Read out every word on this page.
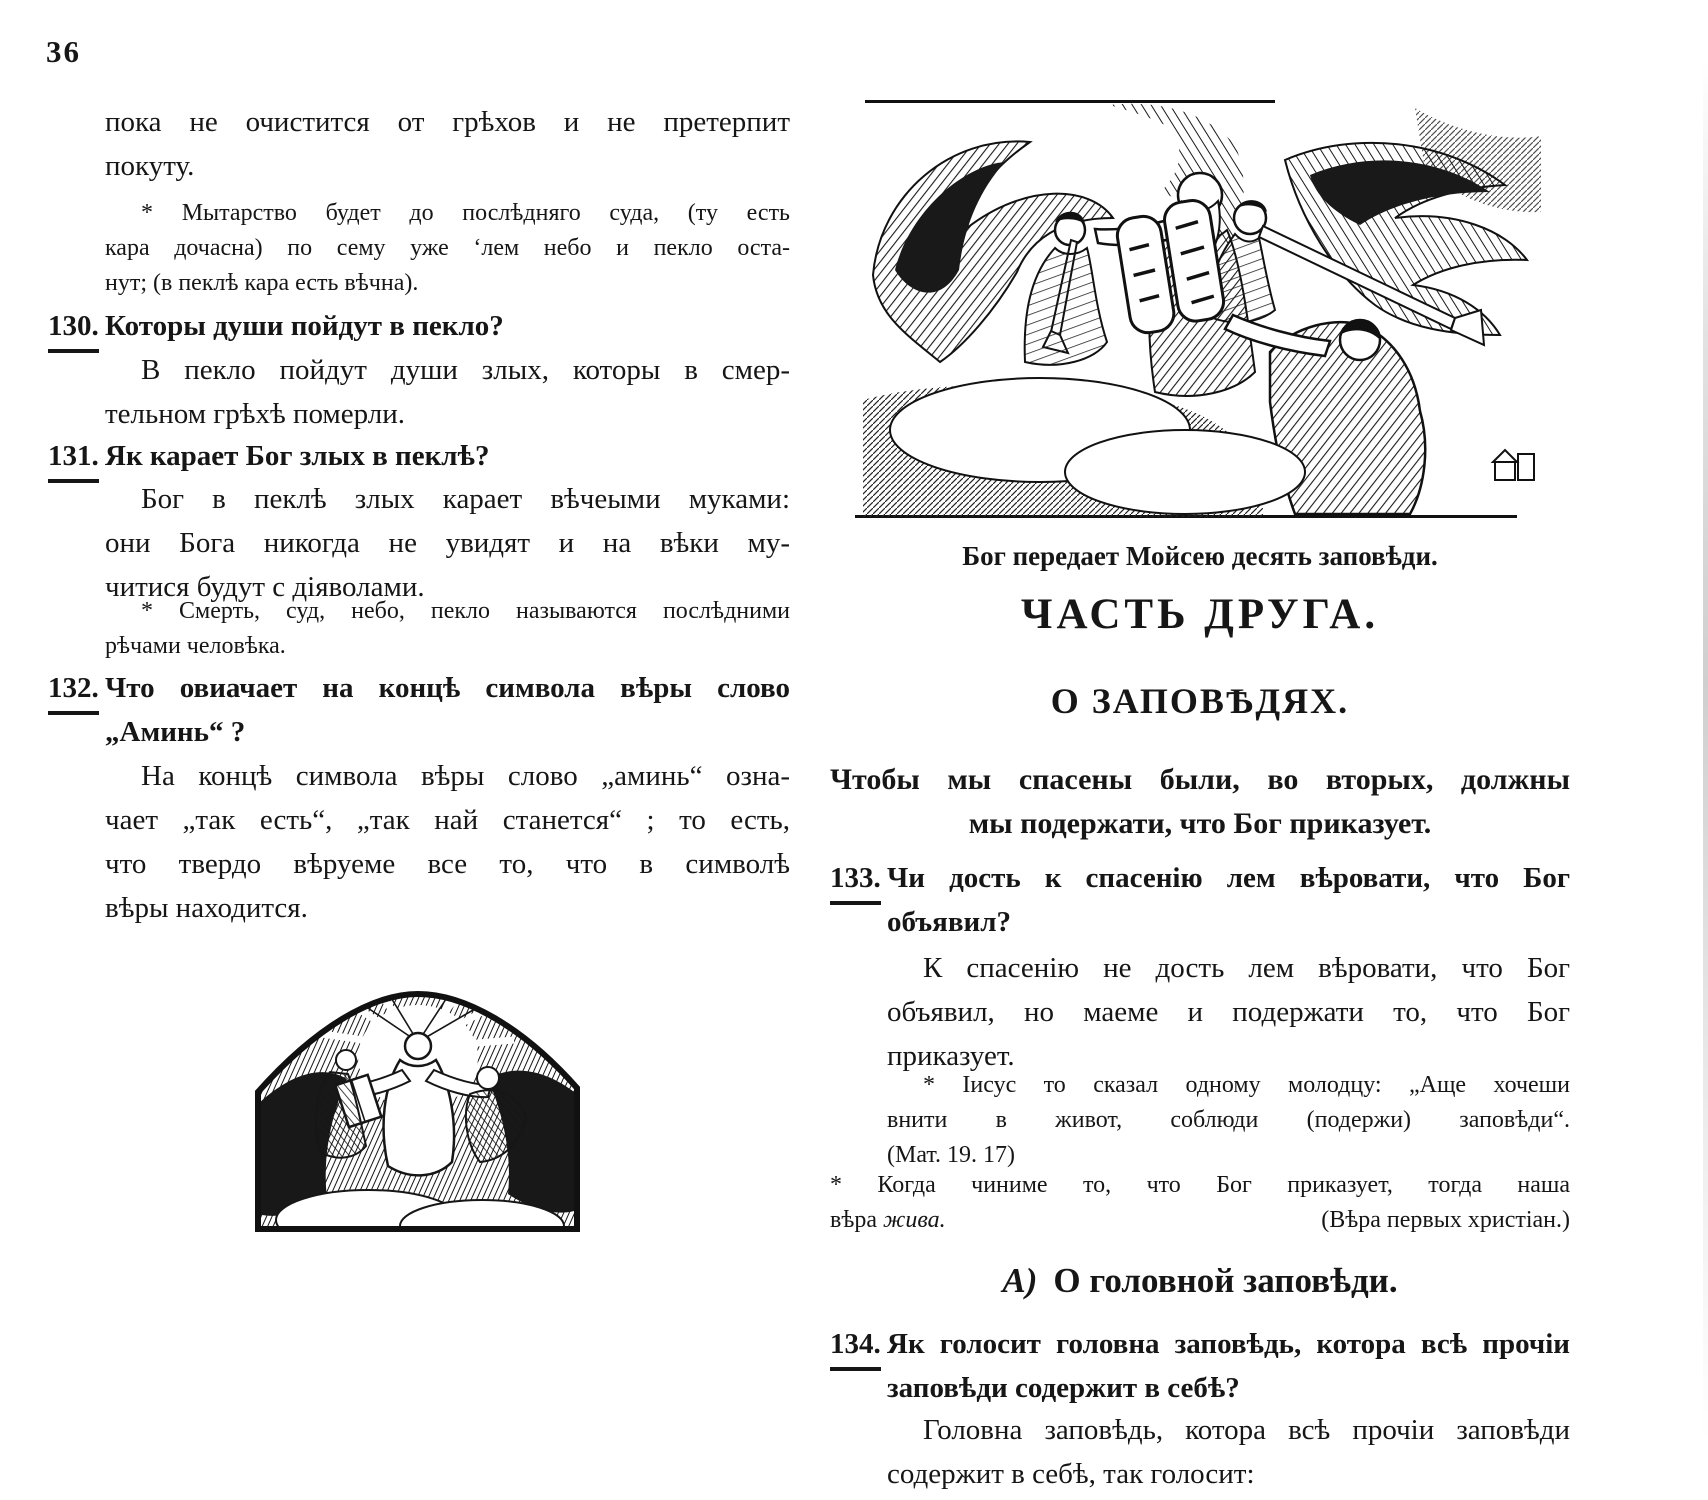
36
пока не очистится от грѣхов и не претерпит
покуту.
* Мытарство будет до послѣдняго суда, (ту есть
кара дочасна) по сему уже ‘лем небо и пекло оста-
нут; (в пеклѣ кара есть вѣчна).
130. Которы души пойдут в пекло?
В пекло пойдут души злых, которы в смер-
тельном грѣхѣ померли.
131. Як карает Бог злых в пеклѣ?
Бог в пеклѣ злых карает вѣчеыми муками:
они Бога никогда не увидят и на вѣки му-
читися будут с діяволами.
* Смерть, суд, небо, пекло называются послѣдними
рѣчами человѣка.
132. Что овиачает на концѣ символа вѣры слово
„Аминь“ ?
На концѣ символа вѣры слово „аминь“ озна-
чает „так есть“, „так най станется“ ; то есть,
что твердо вѣруеме все то, что в символѣ
вѣры находится.
Бог передает Мойсею десять заповѣди.
ЧАСТЬ ДРУГА.
О ЗАПОВѢДЯХ.
Чтобы мы спасены были, во вторых, должны
мы подержати, что Бог приказует.
133. Чи дость к спасенію лем вѣровати, что Бог
объявил?
К спасенію не дость лем вѣровати, что Бог
объявил, но маеме и подержати то, что Бог
приказует.
* Іисус то сказал одному молодцу: „Аще хочеши
внити в живот, соблюди (подержи) заповѣди“.
(Мат. 19. 17)
* Когда чиниме то, что Бог приказует, тогда наша
вѣра жива.	(Вѣра первых христіан.)
А) О головной заповѣди.
134. Як голосит головна заповѣдь, котора всѣ прочіи
заповѣди содержит в себѣ?
Головна заповѣдь, котора всѣ прочіи заповѣди
содержит в себѣ, так голосит:
